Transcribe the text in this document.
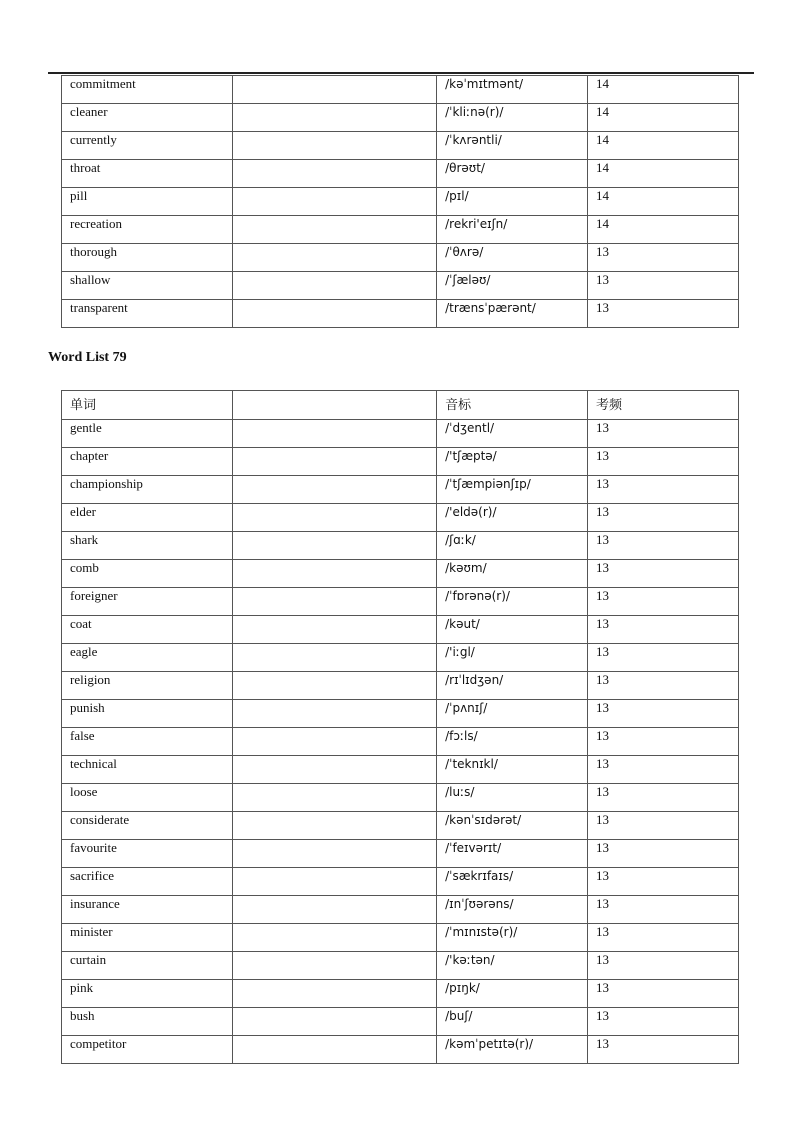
commitment		/kəˈmɪtmənt/	14
cleaner		/ˈkliːnə(r)/	14
currently		/ˈkʌrəntli/	14
throat		/θrəʊt/	14
pill		/pɪl/	14
recreation		/rekri'eɪʃn/	14
thorough		/ˈθʌrə/	13
shallow		/ˈʃæləʊ/	13
transparent		/trænsˈpærənt/	13
Word List 79
单词		音标	考频
gentle		/ˈdʒentl/	13
chapter		/'tʃæptə/	13
championship		/ˈtʃæmpiənʃɪp/	13
elder		/'eldə(r)/	13
shark		/ʃɑːk/	13
comb		/kəʊm/	13
foreigner		/ˈfɒrənə(r)/	13
coat		/kəut/	13
eagle		/'iːgl/	13
religion		/rɪˈlɪdʒən/	13
punish		/ˈpʌnɪʃ/	13
false		/fɔːls/	13
technical		/ˈteknɪkl/	13
loose		/luːs/	13
considerate		/kənˈsɪdərət/	13
favourite		/ˈfeɪvərɪt/	13
sacrifice		/ˈsækrɪfaɪs/	13
insurance		/ɪnˈʃʊərəns/	13
minister		/ˈmɪnɪstə(r)/	13
curtain		/'kəːtən/	13
pink		/pɪŋk/	13
bush		/buʃ/	13
competitor		/kəmˈpetɪtə(r)/	13
